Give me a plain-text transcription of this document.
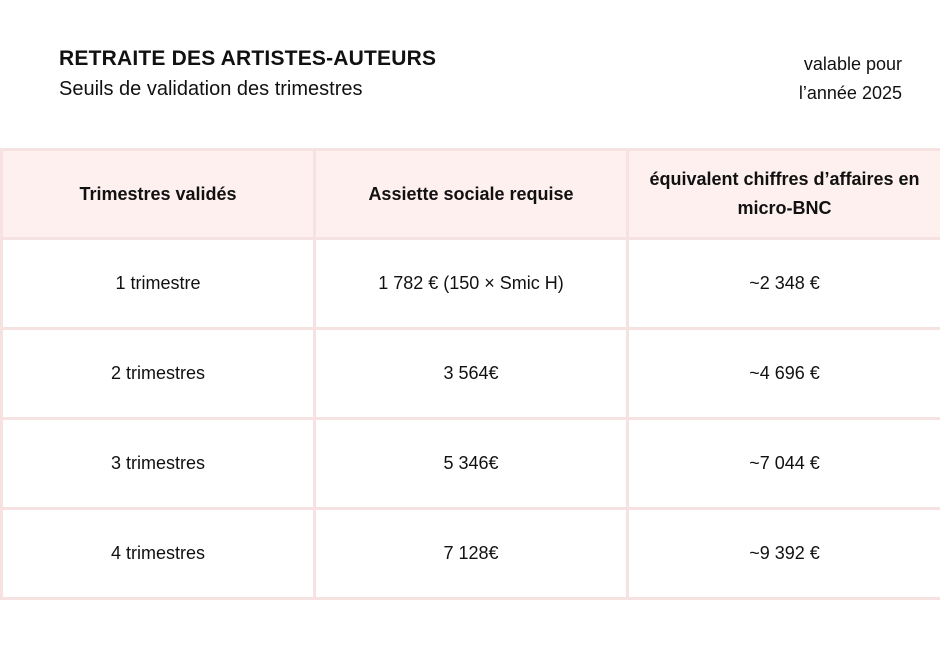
RETRAITE DES ARTISTES-AUTEURS
Seuils de validation des trimestres
valable pour
l’année 2025
Trimestres validés	Assiette sociale requise	équivalent chiffres d’affaires en micro-BNC
1 trimestre	1 782 € (150 × Smic H)	~2 348 €
2 trimestres	3 564€	~4 696 €
3 trimestres	5 346€	~7 044 €
4 trimestres	7 128€	~9 392 €
